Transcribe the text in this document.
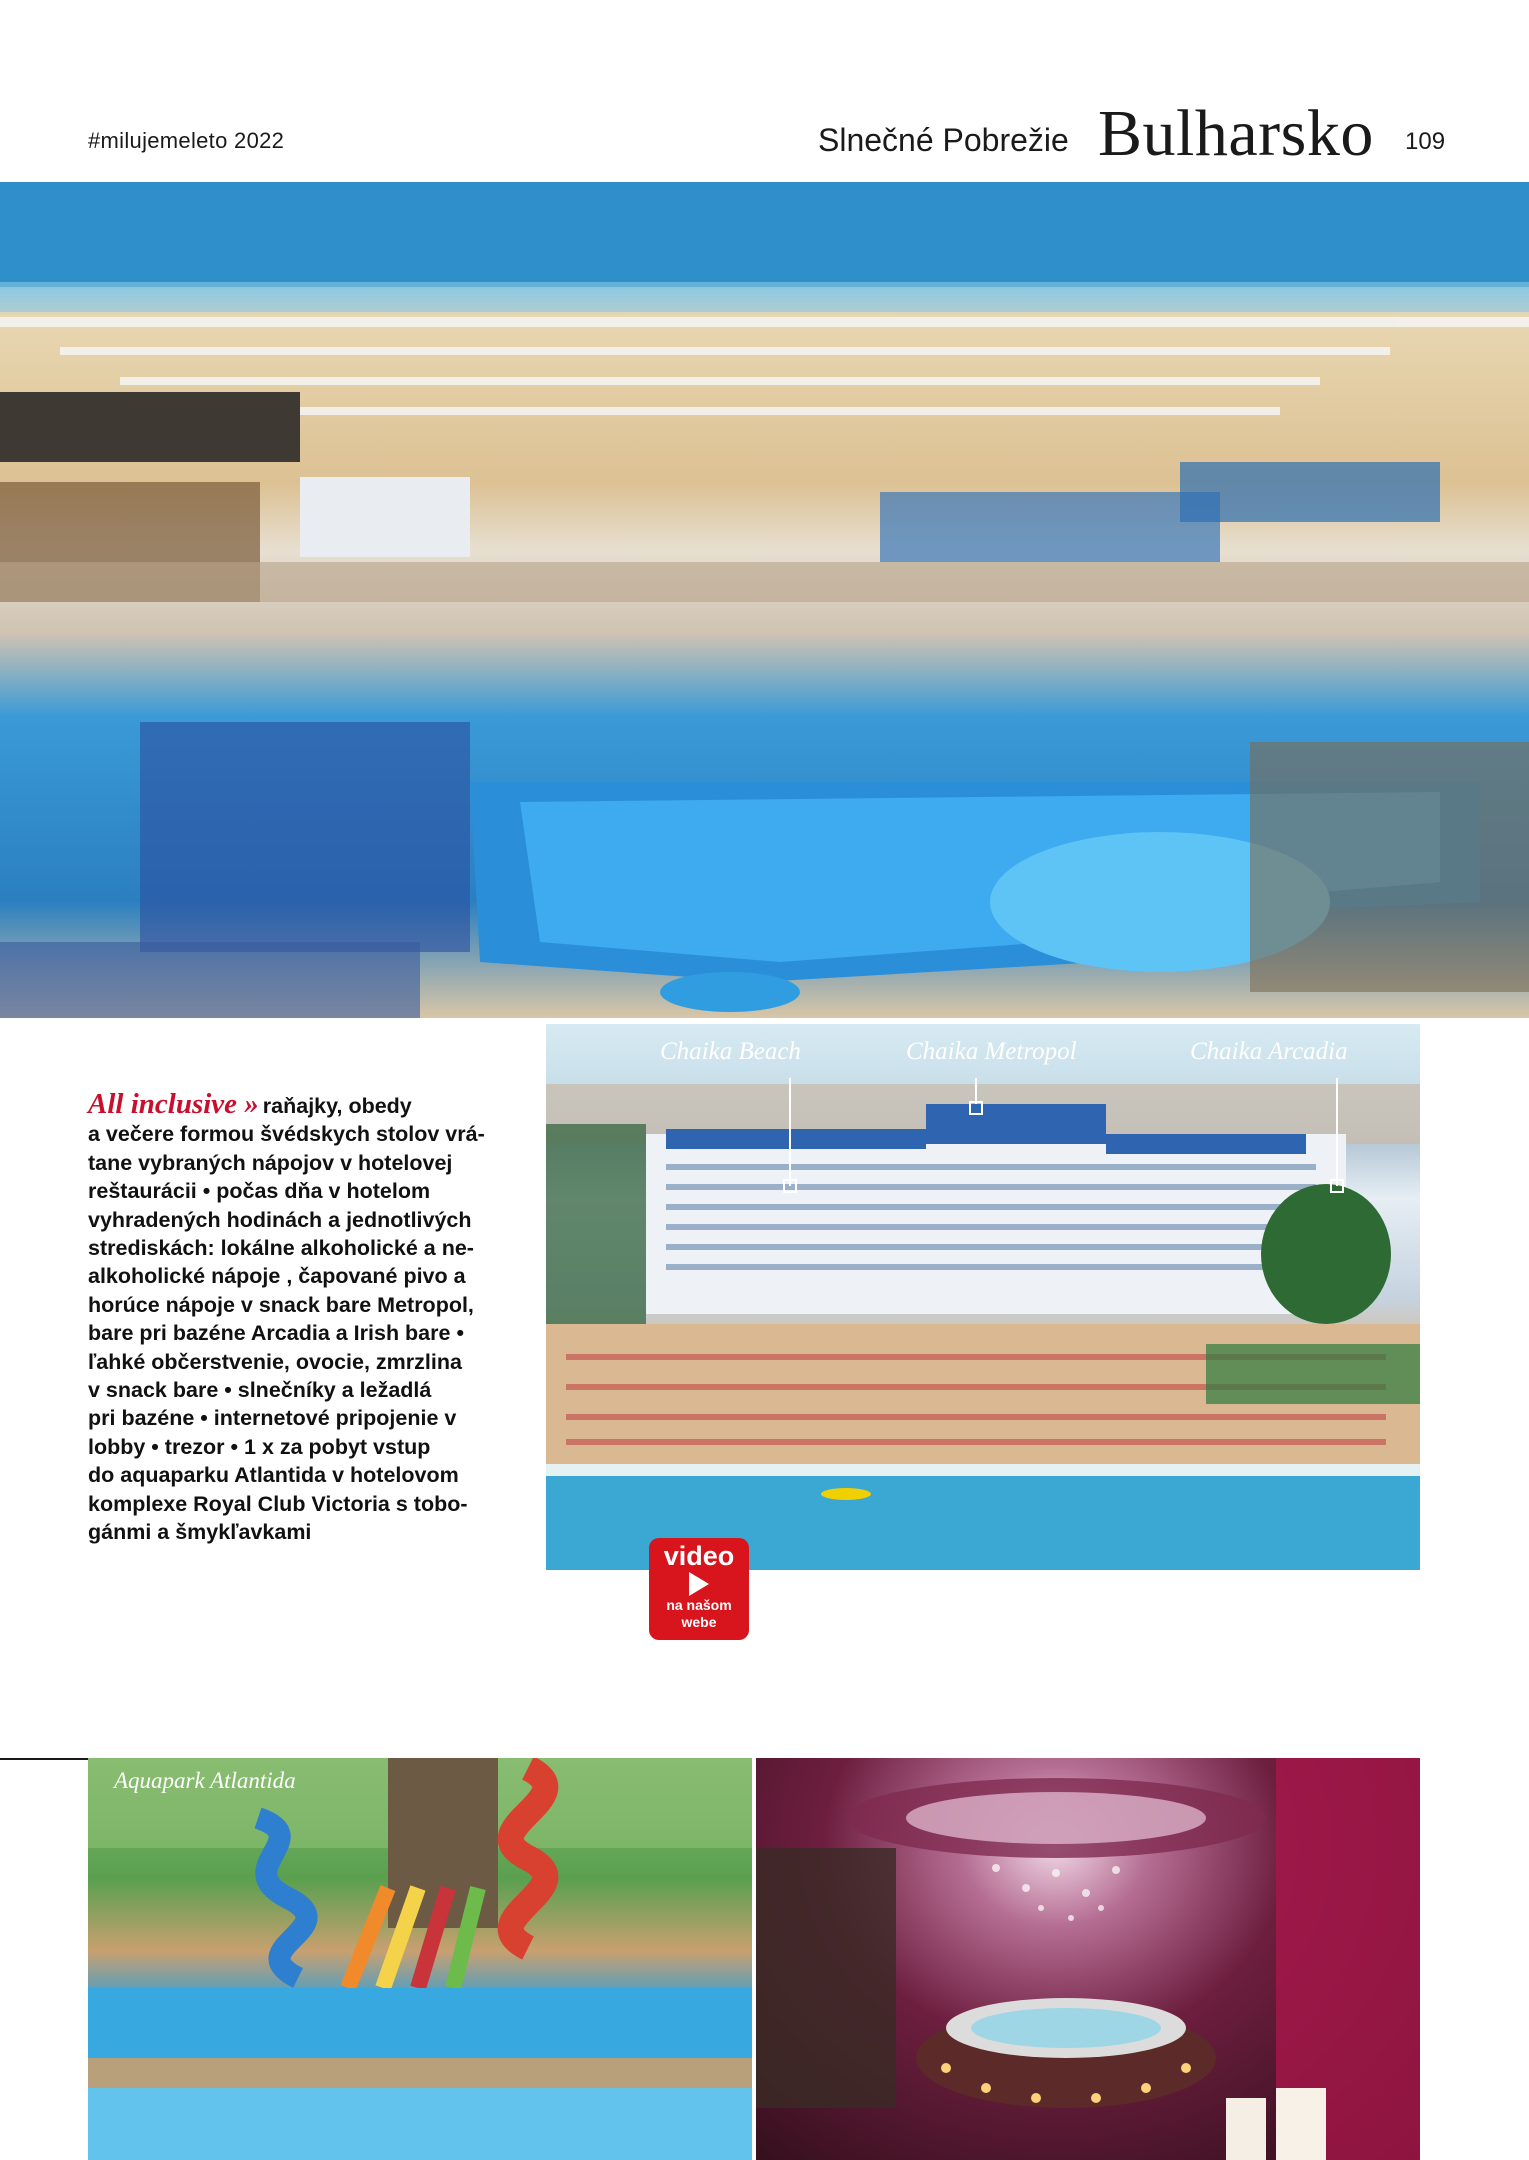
#milujemeleto 2022	Slnečné Pobrežie Bulharsko 109
Chaika Beach	Chaika Metropol	Chaika Arcadia
video
na našom
webe
All inclusive » raňajky, obedy
a večere formou švédskych stolov vrá-
tane vybraných nápojov v hotelovej
reštaurácii • počas dňa v hotelom
vyhradených hodinách a jednotlivých
strediskách: lokálne alkoholické a ne-
alkoholické nápoje , čapované pivo a
horúce nápoje v snack bare Metropol,
bare pri bazéne Arcadia a Irish bare •
ľahké občerstvenie, ovocie, zmrzlina
v snack bare • slnečníky a ležadlá
pri bazéne • internetové pripojenie v
lobby • trezor • 1 x za pobyt vstup
do aquaparku Atlantida v hotelovom
komplexe Royal Club Victoria s tobo-
gánmi a šmykľavkami
Aquapark Atlantida
